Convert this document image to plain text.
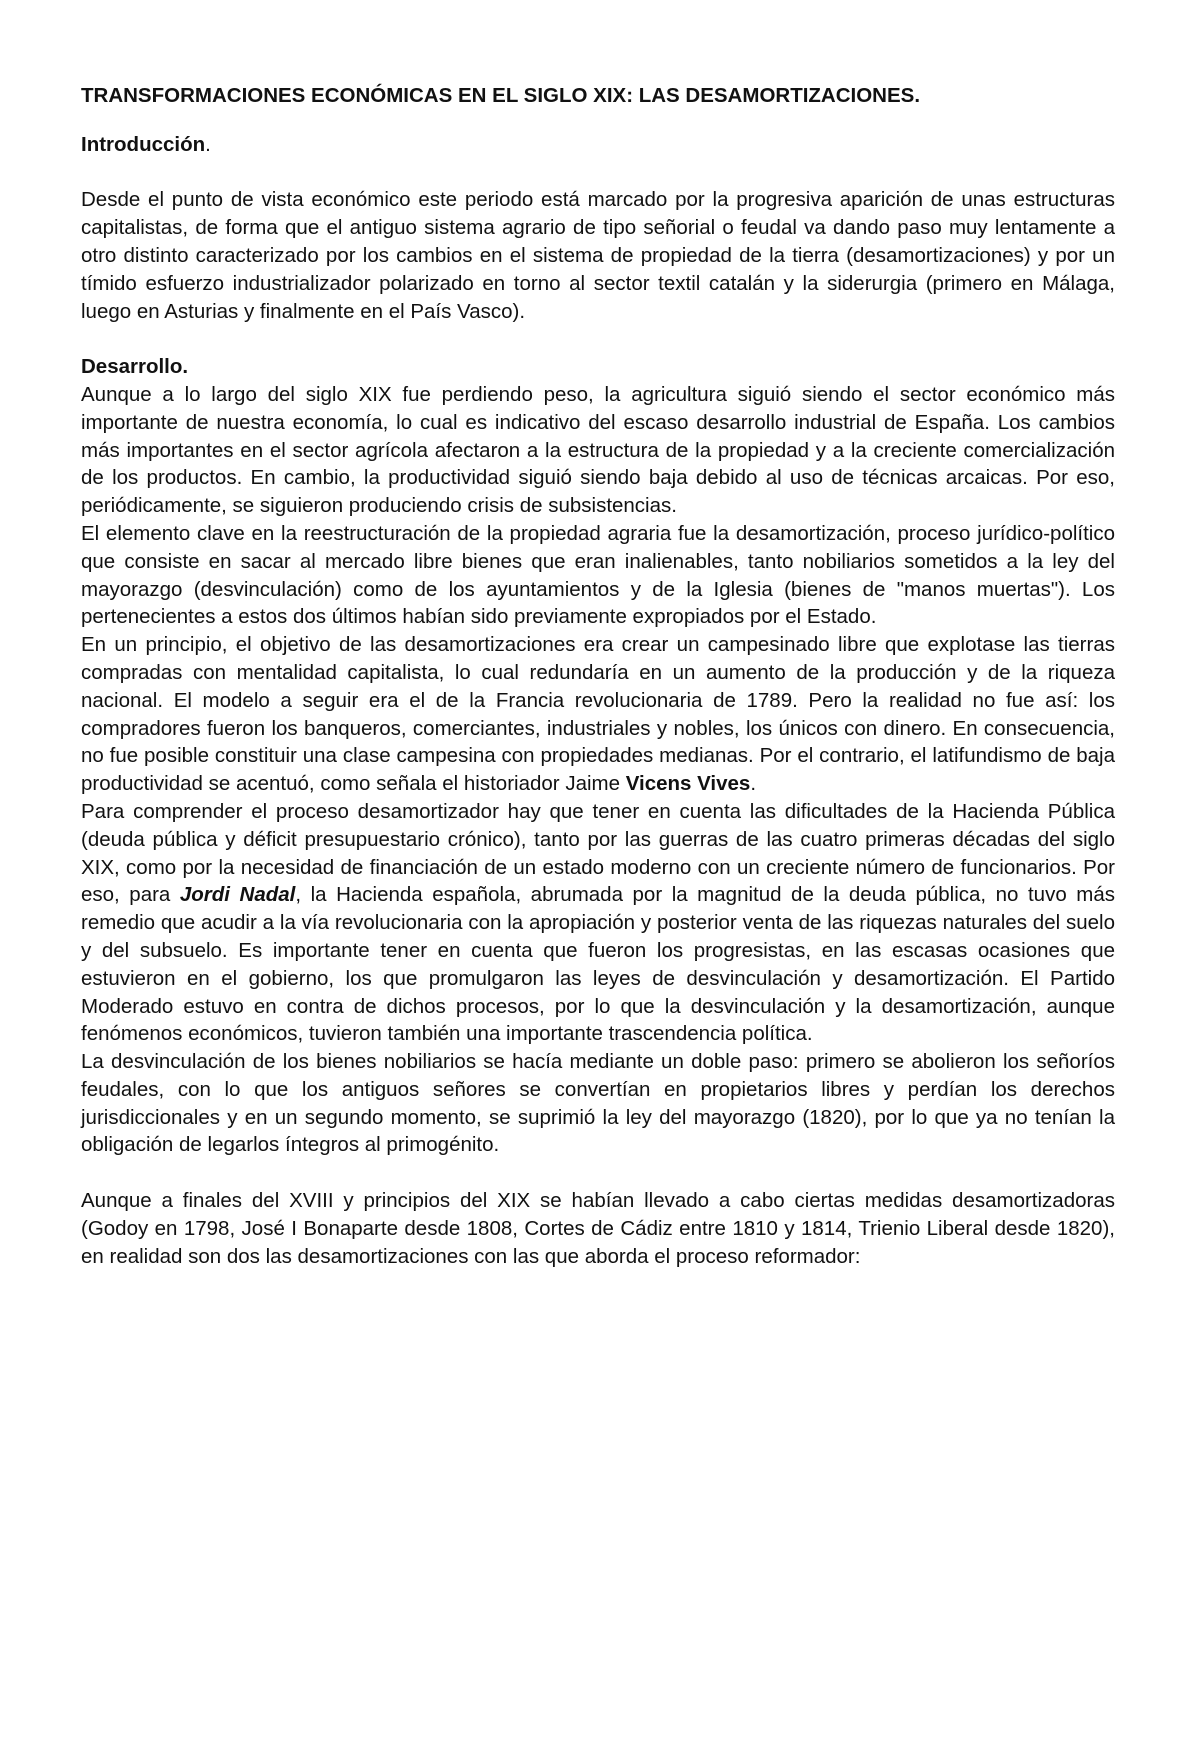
TRANSFORMACIONES ECONÓMICAS EN EL SIGLO XIX: LAS DESAMORTIZACIONES.
Introducción.

Desde el punto de vista económico este periodo está marcado por la progresiva aparición de unas estructuras capitalistas, de forma que el antiguo sistema agrario de tipo señorial o feudal va dando paso muy lentamente a otro distinto caracterizado por los cambios en el sistema de propiedad de la tierra (desamortizaciones) y por un tímido esfuerzo industrializador polarizado en torno al sector textil catalán y la siderurgia (primero en Málaga, luego en Asturias y finalmente en el País Vasco).

Desarrollo.

Aunque a lo largo del siglo XIX fue perdiendo peso, la agricultura siguió siendo el sector económico más importante de nuestra economía, lo cual es indicativo del escaso desarrollo industrial de España. Los cambios más importantes en el sector agrícola afectaron a la estructura de la propiedad y a la creciente comercialización de los productos. En cambio, la productividad siguió siendo baja debido al uso de técnicas arcaicas. Por eso, periódicamente, se siguieron produciendo crisis de subsistencias.

El elemento clave en la reestructuración de la propiedad agraria fue la desamortización, proceso jurídico-político que consiste en sacar al mercado libre bienes que eran inalienables, tanto nobiliarios sometidos a la ley del mayorazgo (desvinculación) como de los ayuntamientos y de la Iglesia (bienes de "manos muertas"). Los pertenecientes a estos dos últimos habían sido previamente expropiados por el Estado.

En un principio, el objetivo de las desamortizaciones era crear un campesinado libre que explotase las tierras compradas con mentalidad capitalista, lo cual redundaría en un aumento de la producción y de la riqueza nacional. El modelo a seguir era el de la Francia revolucionaria de 1789. Pero la realidad no fue así: los compradores fueron los banqueros, comerciantes, industriales y nobles, los únicos con dinero. En consecuencia, no fue posible constituir una clase campesina con propiedades medianas. Por el contrario, el latifundismo de baja productividad se acentuó, como señala el historiador Jaime Vicens Vives.

Para comprender el proceso desamortizador hay que tener en cuenta las dificultades de la Hacienda Pública (deuda pública y déficit presupuestario crónico), tanto por las guerras de las cuatro primeras décadas del siglo XIX, como por la necesidad de financiación de un estado moderno con un creciente número de funcionarios. Por eso, para Jordi Nadal, la Hacienda española, abrumada por la magnitud de la deuda pública, no tuvo más remedio que acudir a la vía revolucionaria con la apropiación y posterior venta de las riquezas naturales del suelo y del subsuelo. Es importante tener en cuenta que fueron los progresistas, en las escasas ocasiones que estuvieron en el gobierno, los que promulgaron las leyes de desvinculación y desamortización. El Partido Moderado estuvo en contra de dichos procesos, por lo que la desvinculación y la desamortización, aunque fenómenos económicos, tuvieron también una importante trascendencia política.

La desvinculación de los bienes nobiliarios se hacía mediante un doble paso: primero se abolieron los señoríos feudales, con lo que los antiguos señores se convertían en propietarios libres y perdían los derechos jurisdiccionales y en un segundo momento, se suprimió la ley del mayorazgo (1820), por lo que ya no tenían la obligación de legarlos íntegros al primogénito.

Aunque a finales del XVIII y principios del XIX se habían llevado a cabo ciertas medidas desamortizadoras (Godoy en 1798, José I Bonaparte desde 1808, Cortes de Cádiz entre 1810 y 1814, Trienio Liberal desde 1820), en realidad son dos las desamortizaciones con las que aborda el proceso reformador:
